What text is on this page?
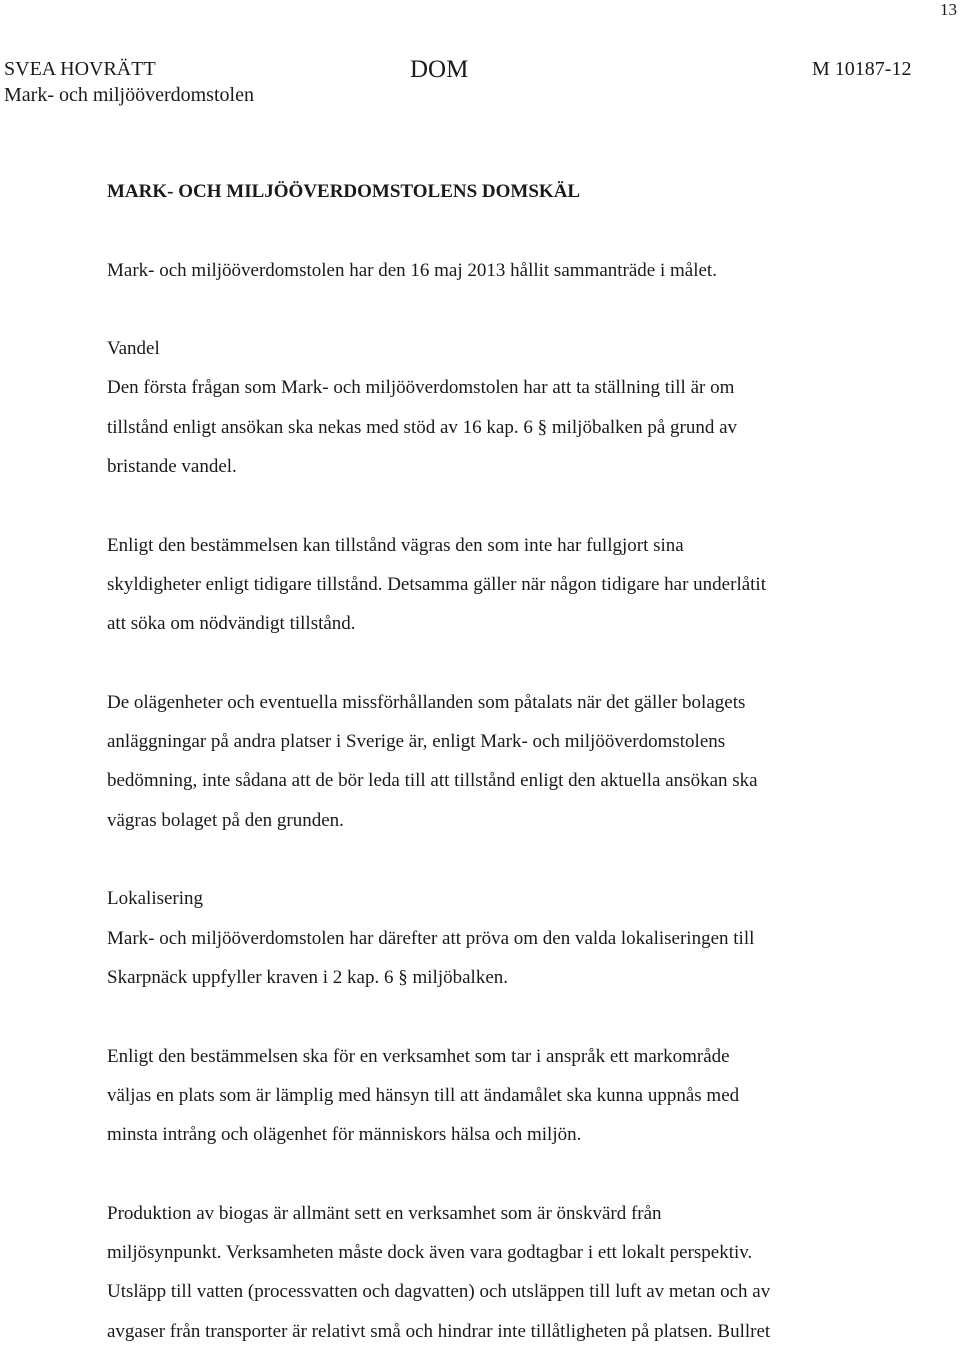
13
SVEA HOVRÄTT
Mark- och miljööverdomstolen
DOM	M 10187-12

MARK- OCH MILJÖÖVERDOMSTOLENS DOMSKÄL

Mark- och miljööverdomstolen har den 16 maj 2013 hållit sammanträde i målet.

Vandel

Den första frågan som Mark- och miljööverdomstolen har att ta ställning till är om
tillstånd enligt ansökan ska nekas med stöd av 16 kap. 6 § miljöbalken på grund av
bristande vandel.
Enligt den bestämmelsen kan tillstånd vägras den som inte har fullgjort sina
skyldigheter enligt tidigare tillstånd. Detsamma gäller när någon tidigare har underlåtit
att söka om nödvändigt tillstånd.
De olägenheter och eventuella missförhållanden som påtalats när det gäller bolagets
anläggningar på andra platser i Sverige är, enligt Mark- och miljööverdomstolens
bedömning, inte sådana att de bör leda till att tillstånd enligt den aktuella ansökan ska
vägras bolaget på den grunden.

Lokalisering

Mark- och miljööverdomstolen har därefter att pröva om den valda lokaliseringen till
Skarpnäck uppfyller kraven i 2 kap. 6 § miljöbalken.
Enligt den bestämmelsen ska för en verksamhet som tar i anspråk ett markområde
väljas en plats som är lämplig med hänsyn till att ändamålet ska kunna uppnås med
minsta intrång och olägenhet för människors hälsa och miljön.
Produktion av biogas är allmänt sett en verksamhet som är önskvärd från
miljösynpunkt. Verksamheten måste dock även vara godtagbar i ett lokalt perspektiv.
Utsläpp till vatten (processvatten och dagvatten) och utsläppen till luft av metan och av
avgaser från transporter är relativt små och hindrar inte tillåtligheten på platsen. Bullret
